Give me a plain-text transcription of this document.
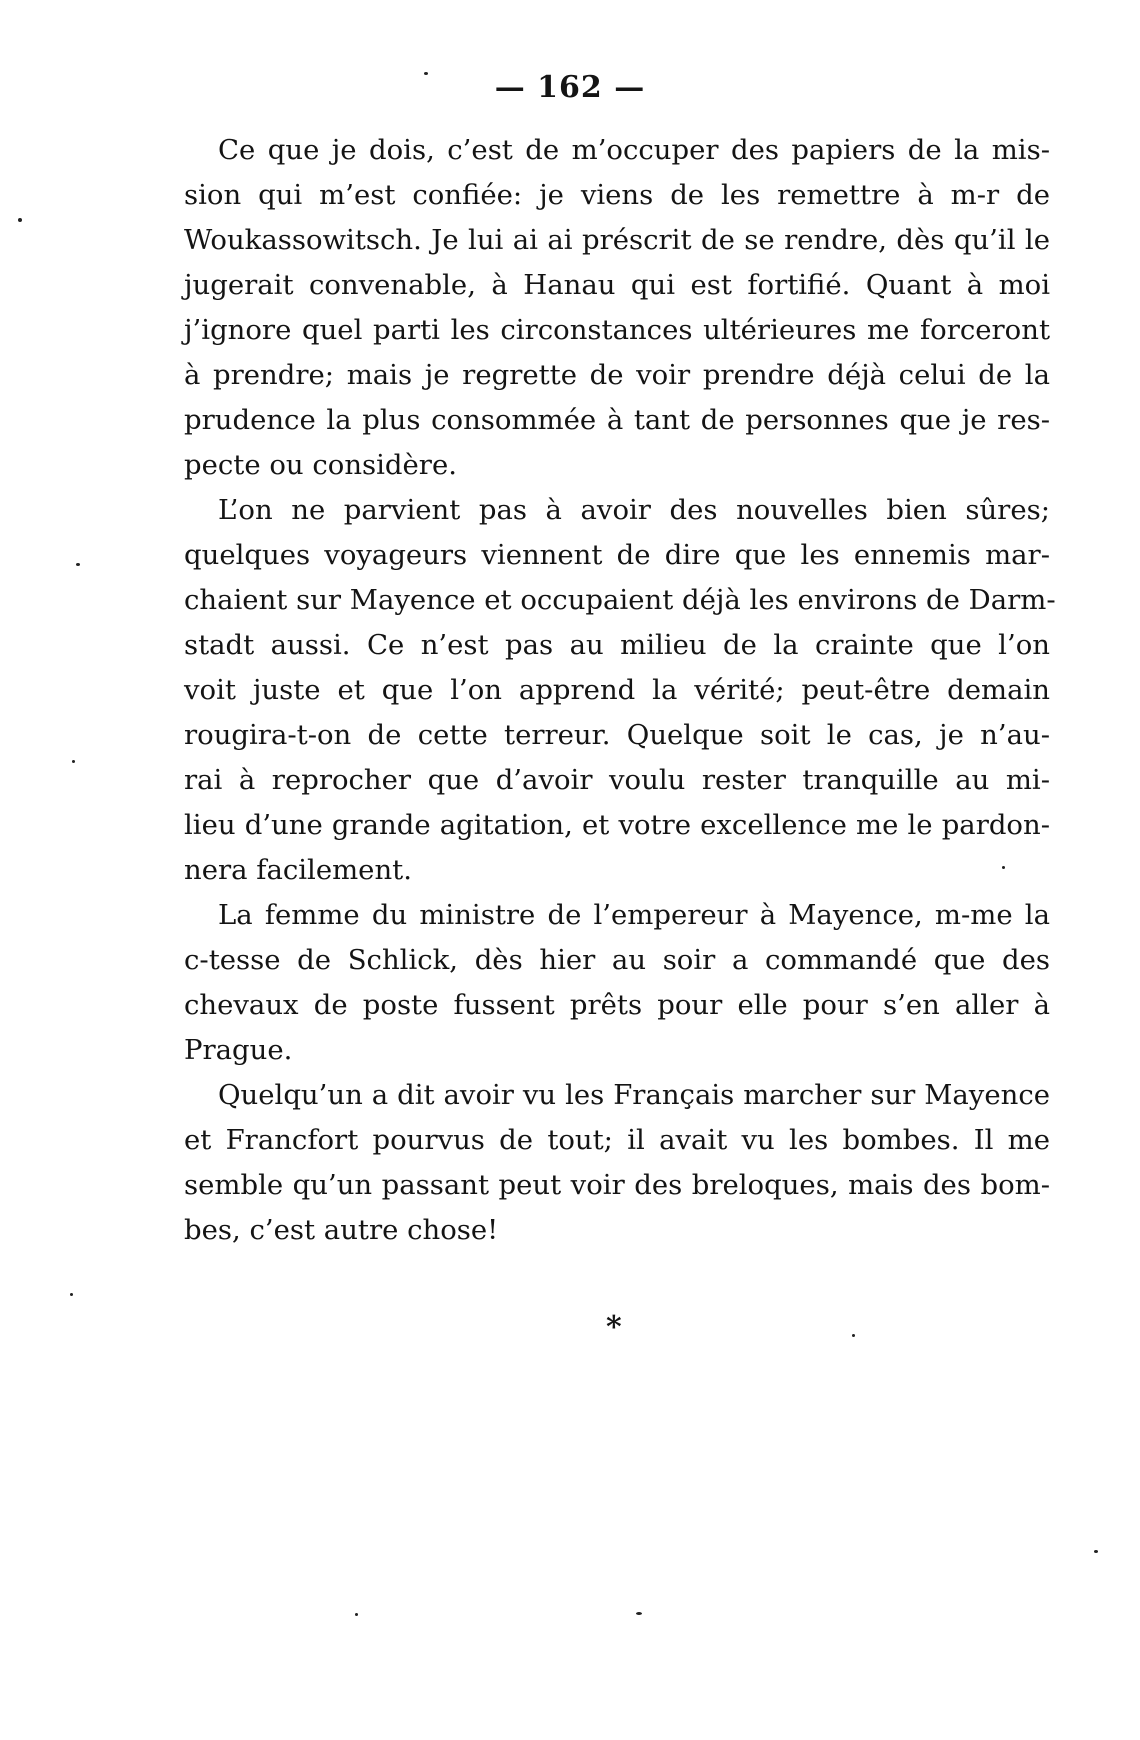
— 162 —
Ce que je dois, c’est de m’occuper des papiers de la mis-
sion qui m’est confiée: je viens de les remettre à m-r de
Woukassowitsch. Je lui ai ai préscrit de se rendre, dès qu’il le
jugerait convenable, à Hanau qui est fortifié. Quant à moi
j’ignore quel parti les circonstances ultérieures me forceront
à prendre; mais je regrette de voir prendre déjà celui de la
prudence la plus consommée à tant de personnes que je res-
pecte ou considère.
L’on ne parvient pas à avoir des nouvelles bien sûres;
quelques voyageurs viennent de dire que les ennemis mar-
chaient sur Mayence et occupaient déjà les environs de Darm-
stadt aussi. Ce n’est pas au milieu de la crainte que l’on
voit juste et que l’on apprend la vérité; peut-être demain
rougira-t-on de cette terreur. Quelque soit le cas, je n’au-
rai à reprocher que d’avoir voulu rester tranquille au mi-
lieu d’une grande agitation, et votre excellence me le pardon-
nera facilement.
La femme du ministre de l’empereur à Mayence, m-me la
c-tesse de Schlick, dès hier au soir a commandé que des
chevaux de poste fussent prêts pour elle pour s’en aller à
Prague.
Quelqu’un a dit avoir vu les Français marcher sur Mayence
et Francfort pourvus de tout; il avait vu les bombes. Il me
semble qu’un passant peut voir des breloques, mais des bom-
bes, c’est autre chose!
*
